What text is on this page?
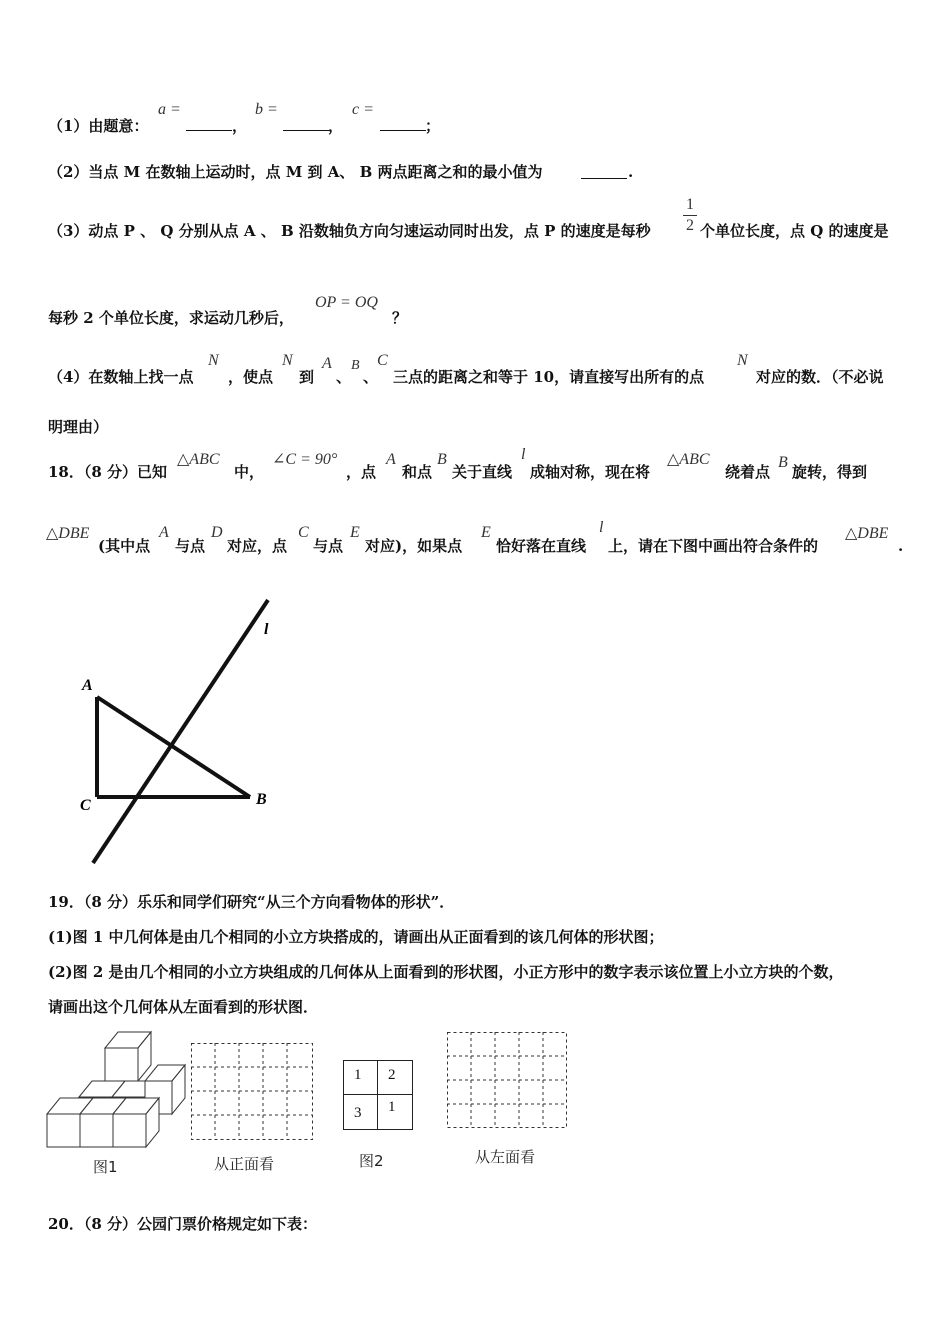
（1）由题意：
a =
，
b =
，
c =
；
（2）当点 M 在数轴上运动时，点 M 到 A、 B 两点距离之和的最小值为	.
（3）动点 P 、 Q 分别从点 A 、 B 沿数轴负方向匀速运动同时出发，点 P 的速度是每秒
1
2 个单位长度，点 Q 的速度是
每秒 2 个单位长度，求运动几秒后，
OP = OQ
？
（4）在数轴上找一点
N
，使点
N
到
A
、
B
、
C
三点的距离之和等于 10，请直接写出所有的点
N
对应的数．（不必说
明理由）
18．（8 分）已知
△ABC
中，
∠C = 90°
，点
A
和点
B
关于直线
l
成轴对称，现在将
△ABC
绕着点
B
旋转，得到
△DBE
(其中点
A
与点
D
对应，点
C
与点
E
对应)，如果点
E
恰好落在直线
l
上，请在下图中画出符合条件的
△DBE
.
A
C	B
l
19．（8 分）乐乐和同学们研究“从三个方向看物体的形状”．
(1)图 1 中几何体是由几个相同的小立方块搭成的，请画出从正面看到的该几何体的形状图；
(2)图 2 是由几个相同的小立方块组成的几何体从上面看到的形状图，小正方形中的数字表示该位置上小立方块的个数，
请画出这个几何体从左面看到的形状图．
图1	从正面看
1	2
3	1
图2	从左面看
20．（8 分）公园门票价格规定如下表：
